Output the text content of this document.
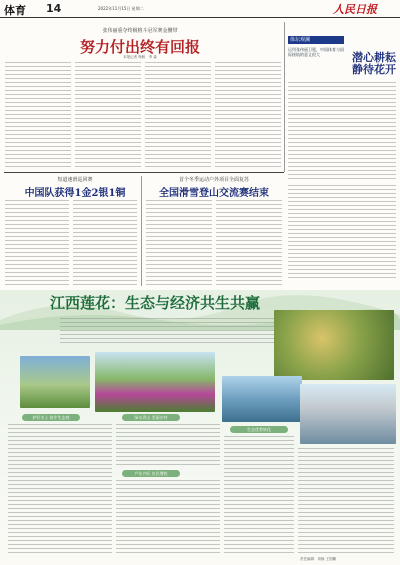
体育 14	2022年11月15日 星期二	人民日报
张伟丽重夺终极格斗冠军赛金腰带
努力付出终有回报
本报记者 杨帆　李 森
体坛观澜
运用张伟丽卫冕，中国体育与国际接轨的意义很大	潜心耕耘
静待花开
短道速滑巡回赛
中国队获得1金2银1铜
首个冬季运动户外项目全面复苏
全国滑雪登山交流赛结束
江西莲花：生态与经济共生共赢
护好水土 筑牢生态底	绿水青山 美丽乡村
生态优势转化
产业兴旺 农民增收
责任编辑：刘焕 王国鹏
